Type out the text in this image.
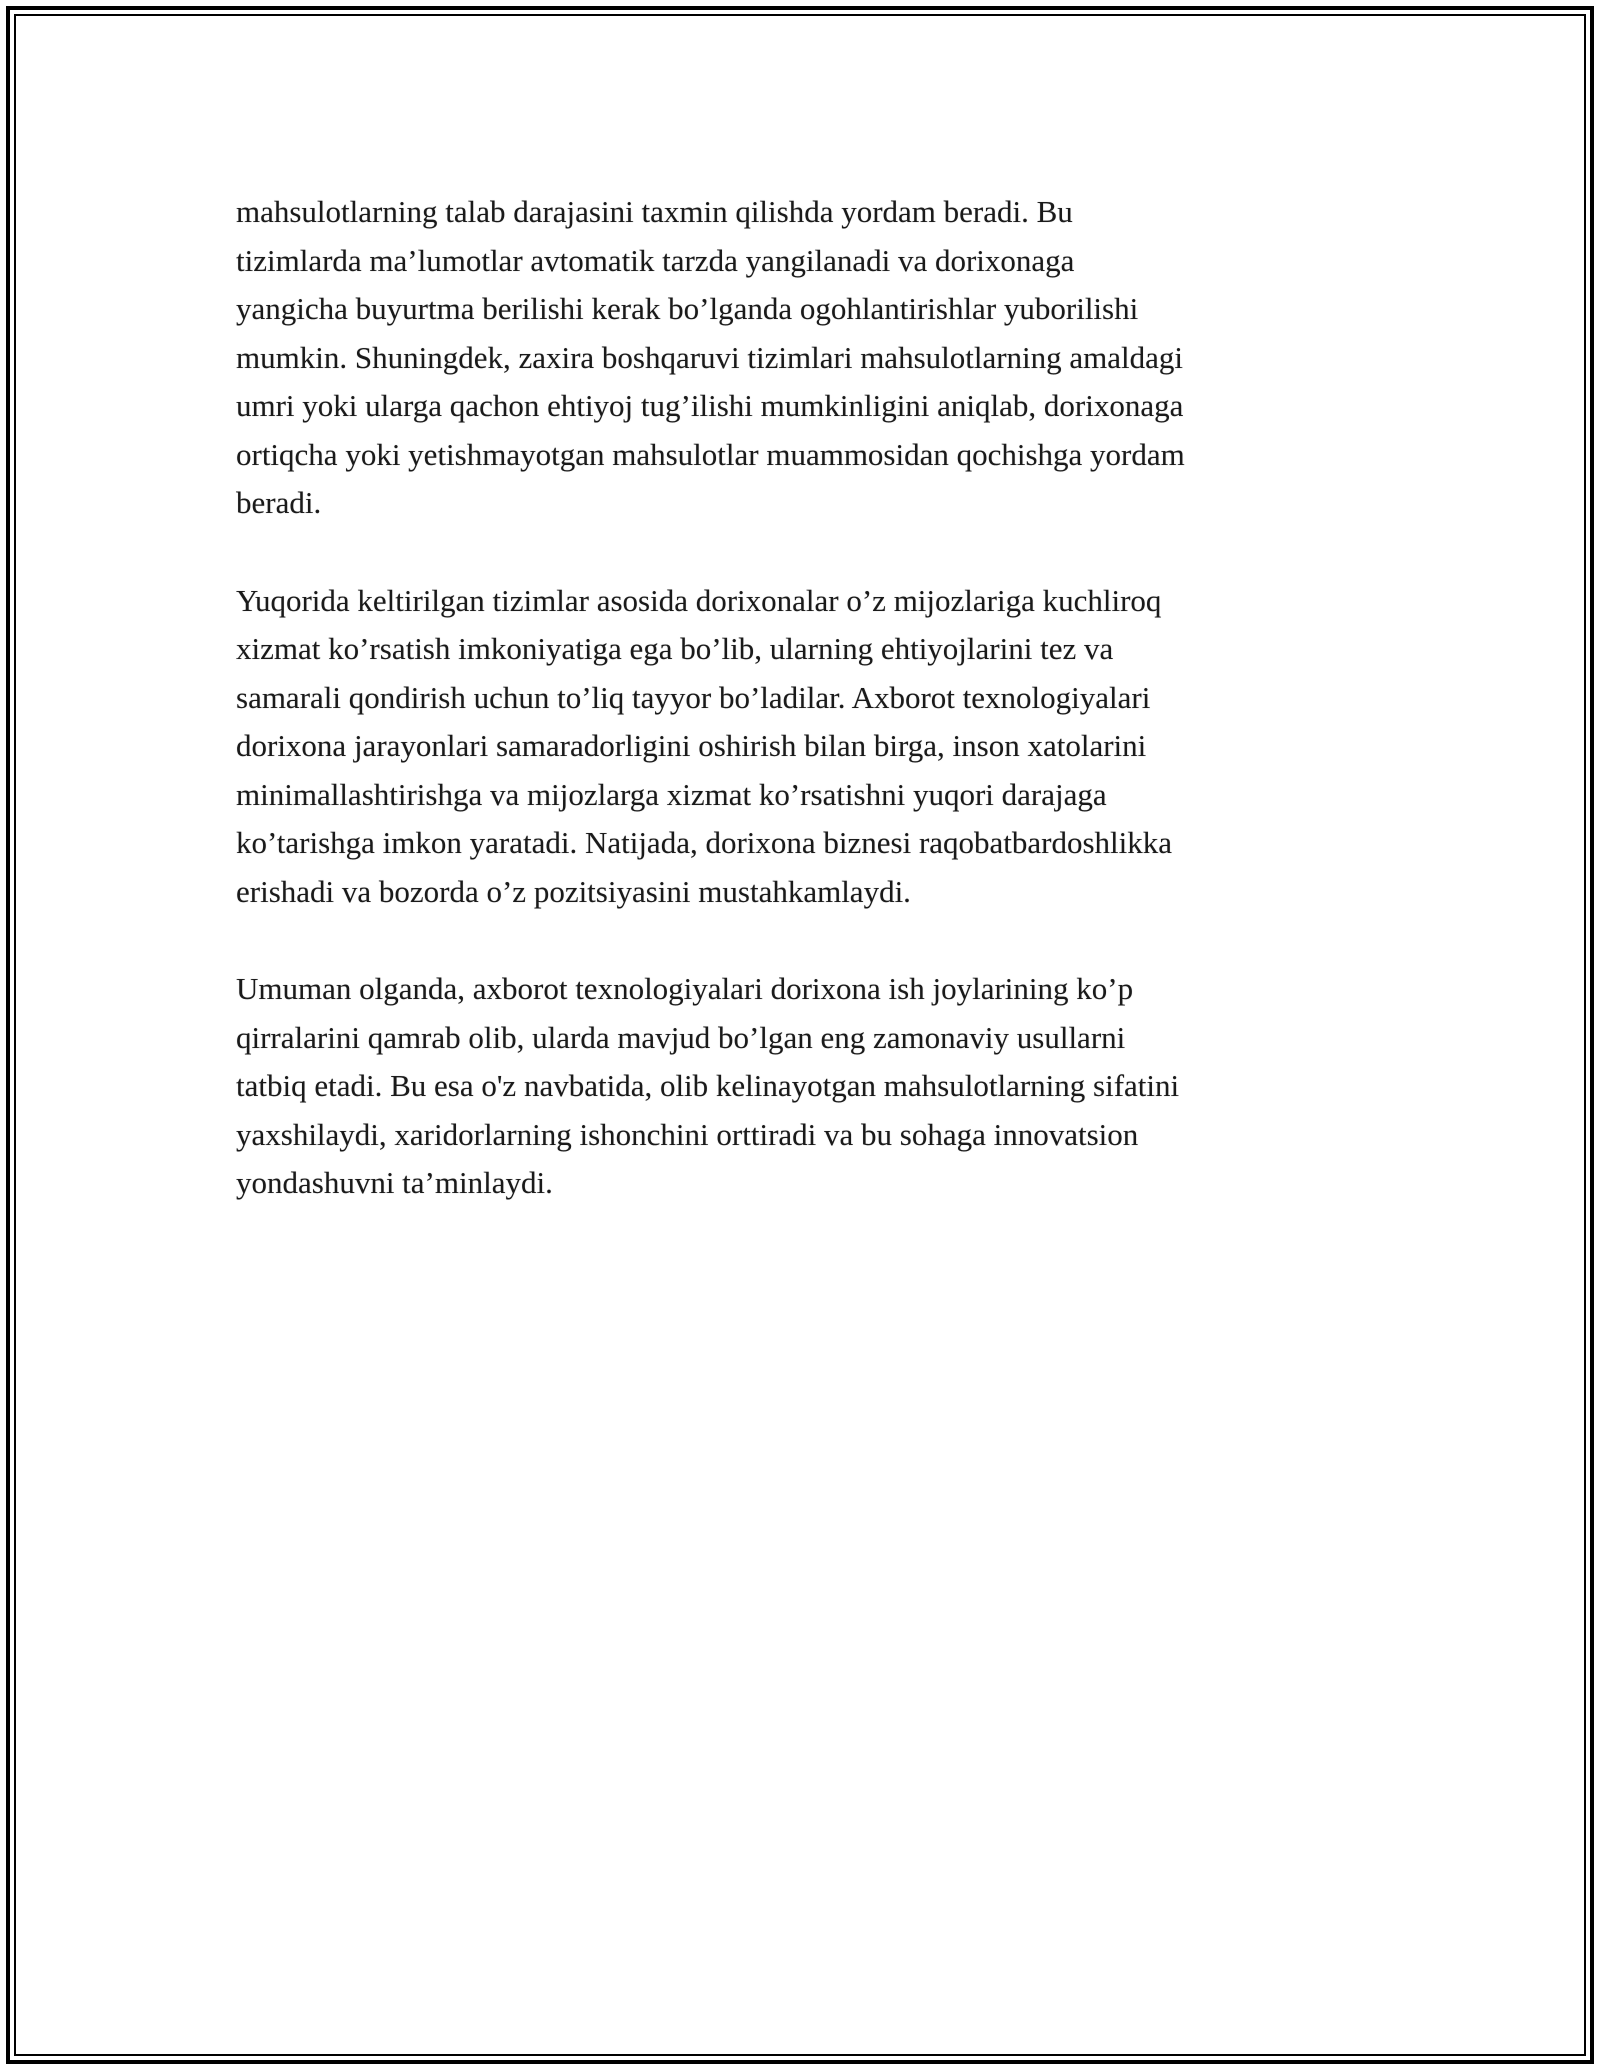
mahsulotlarning talab darajasini taxmin qilishda yordam beradi. Bu
tizimlarda ma’lumotlar avtomatik tarzda yangilanadi va dorixonaga
yangicha buyurtma berilishi kerak bo’lganda ogohlantirishlar yuborilishi
mumkin. Shuningdek, zaxira boshqaruvi tizimlari mahsulotlarning amaldagi
umri yoki ularga qachon ehtiyoj tug’ilishi mumkinligini aniqlab, dorixonaga
ortiqcha yoki yetishmayotgan mahsulotlar muammosidan qochishga yordam
beradi.

Yuqorida keltirilgan tizimlar asosida dorixonalar o’z mijozlariga kuchliroq
xizmat ko’rsatish imkoniyatiga ega bo’lib, ularning ehtiyojlarini tez va
samarali qondirish uchun to’liq tayyor bo’ladilar. Axborot texnologiyalari
dorixona jarayonlari samaradorligini oshirish bilan birga, inson xatolarini
minimallashtirishga va mijozlarga xizmat ko’rsatishni yuqori darajaga
ko’tarishga imkon yaratadi. Natijada, dorixona biznesi raqobatbardoshlikka
erishadi va bozorda o’z pozitsiyasini mustahkamlaydi.

Umuman olganda, axborot texnologiyalari dorixona ish joylarining ko’p
qirralarini qamrab olib, ularda mavjud bo’lgan eng zamonaviy usullarni
tatbiq etadi. Bu esa o'z navbatida, olib kelinayotgan mahsulotlarning sifatini
yaxshilaydi, xaridorlarning ishonchini orttiradi va bu sohaga innovatsion
yondashuvni ta’minlaydi.
